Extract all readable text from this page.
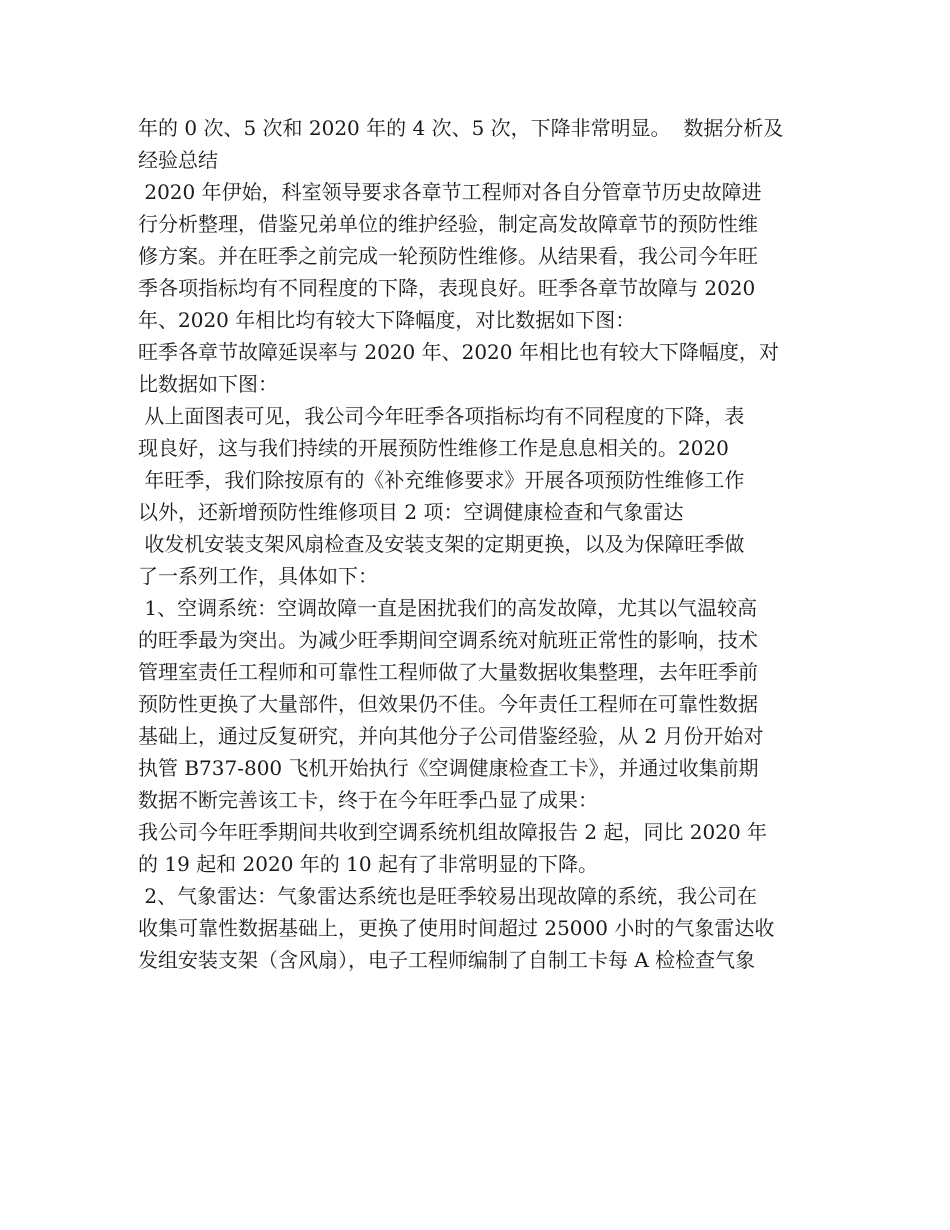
年的 0 次、5 次和 2020 年的 4 次、5 次，下降非常明显。  数据分析及
经验总结
2020 年伊始，科室领导要求各章节工程师对各自分管章节历史故障进
行分析整理，借鉴兄弟单位的维护经验，制定高发故障章节的预防性维
修方案。并在旺季之前完成一轮预防性维修。从结果看，我公司今年旺
季各项指标均有不同程度的下降，表现良好。旺季各章节故障与 2020
年、2020 年相比均有较大下降幅度，对比数据如下图：
旺季各章节故障延误率与 2020 年、2020 年相比也有较大下降幅度，对
比数据如下图：
从上面图表可见，我公司今年旺季各项指标均有不同程度的下降，表
现良好，这与我们持续的开展预防性维修工作是息息相关的。2020
年旺季，我们除按原有的《补充维修要求》开展各项预防性维修工作
以外，还新增预防性维修项目 2 项：空调健康检查和气象雷达
收发机安装支架风扇检查及安装支架的定期更换，以及为保障旺季做
了一系列工作，具体如下：
1、空调系统：空调故障一直是困扰我们的高发故障，尤其以气温较高
的旺季最为突出。为减少旺季期间空调系统对航班正常性的影响，技术
管理室责任工程师和可靠性工程师做了大量数据收集整理，去年旺季前
预防性更换了大量部件，但效果仍不佳。今年责任工程师在可靠性数据
基础上，通过反复研究，并向其他分子公司借鉴经验，从 2 月份开始对
执管 B737-800 飞机开始执行《空调健康检查工卡》，并通过收集前期
数据不断完善该工卡，终于在今年旺季凸显了成果：
我公司今年旺季期间共收到空调系统机组故障报告 2 起，同比 2020 年
的 19 起和 2020 年的 10 起有了非常明显的下降。
2、气象雷达：气象雷达系统也是旺季较易出现故障的系统，我公司在
收集可靠性数据基础上，更换了使用时间超过 25000 小时的气象雷达收
发组安装支架（含风扇），电子工程师编制了自制工卡每 A 检检查气象
